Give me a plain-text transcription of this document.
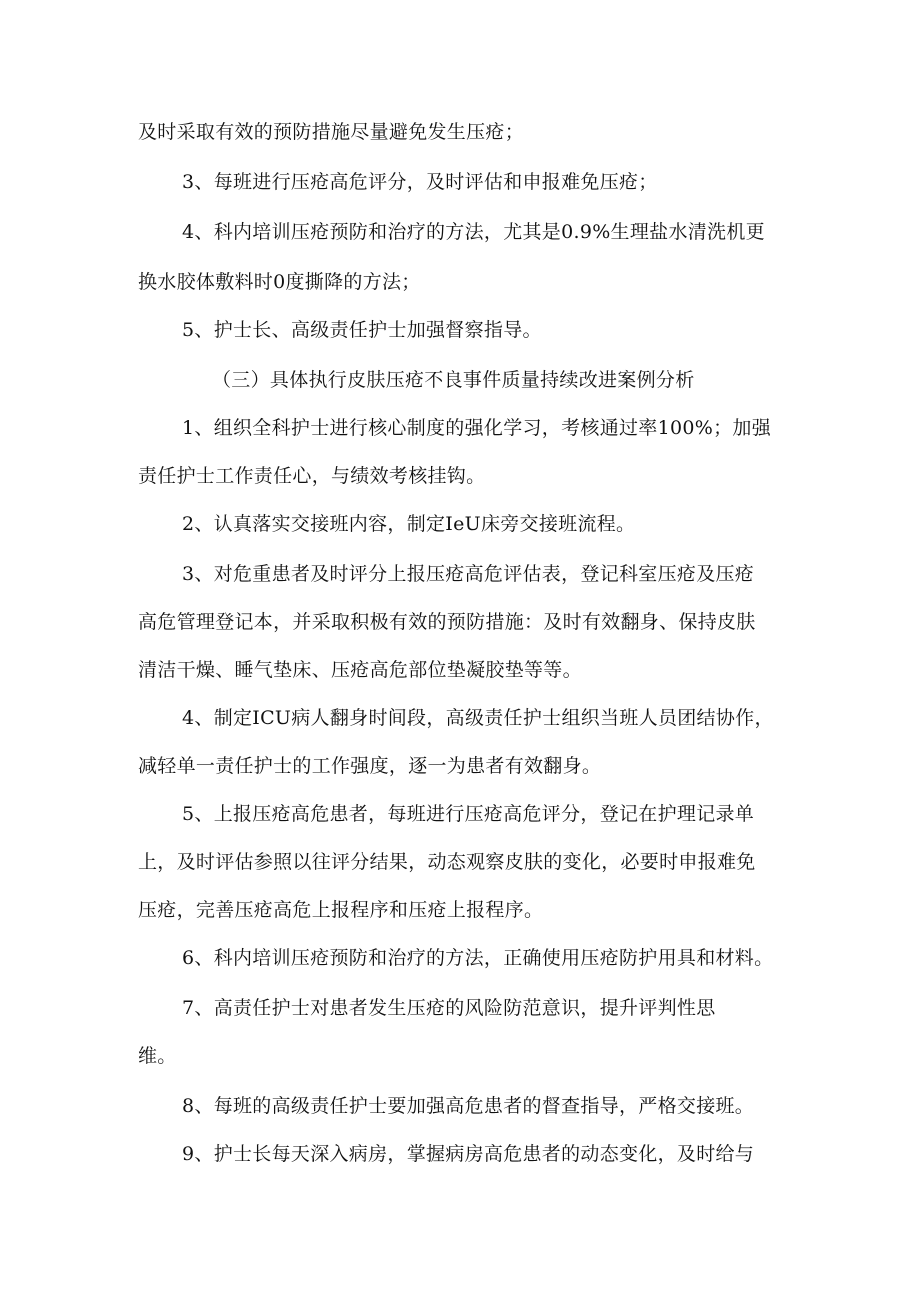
及时采取有效的预防措施尽量避免发生压疮；
3、每班进行压疮高危评分，及时评估和申报难免压疮；
4、科内培训压疮预防和治疗的方法，尤其是0.9%生理盐水清洗机更
换水胶体敷料时0度撕降的方法；
5、护士长、高级责任护士加强督察指导。
（三）具体执行皮肤压疮不良事件质量持续改进案例分析
1、组织全科护士进行核心制度的强化学习，考核通过率100%；加强
责任护士工作责任心，与绩效考核挂钩。
2、认真落实交接班内容，制定IeU床旁交接班流程。
3、对危重患者及时评分上报压疮高危评估表，登记科室压疮及压疮
高危管理登记本，并采取积极有效的预防措施：及时有效翻身、保持皮肤
清洁干燥、睡气垫床、压疮高危部位垫凝胶垫等等。
4、制定ICU病人翻身时间段，高级责任护士组织当班人员团结协作，
减轻单一责任护士的工作强度，逐一为患者有效翻身。
5、上报压疮高危患者，每班进行压疮高危评分，登记在护理记录单
上，及时评估参照以往评分结果，动态观察皮肤的变化，必要时申报难免
压疮，完善压疮高危上报程序和压疮上报程序。
6、科内培训压疮预防和治疗的方法，正确使用压疮防护用具和材料。
7、高责任护士对患者发生压疮的风险防范意识，提升评判性思
维。
8、每班的高级责任护士要加强高危患者的督查指导，严格交接班。
9、护士长每天深入病房，掌握病房高危患者的动态变化，及时给与
